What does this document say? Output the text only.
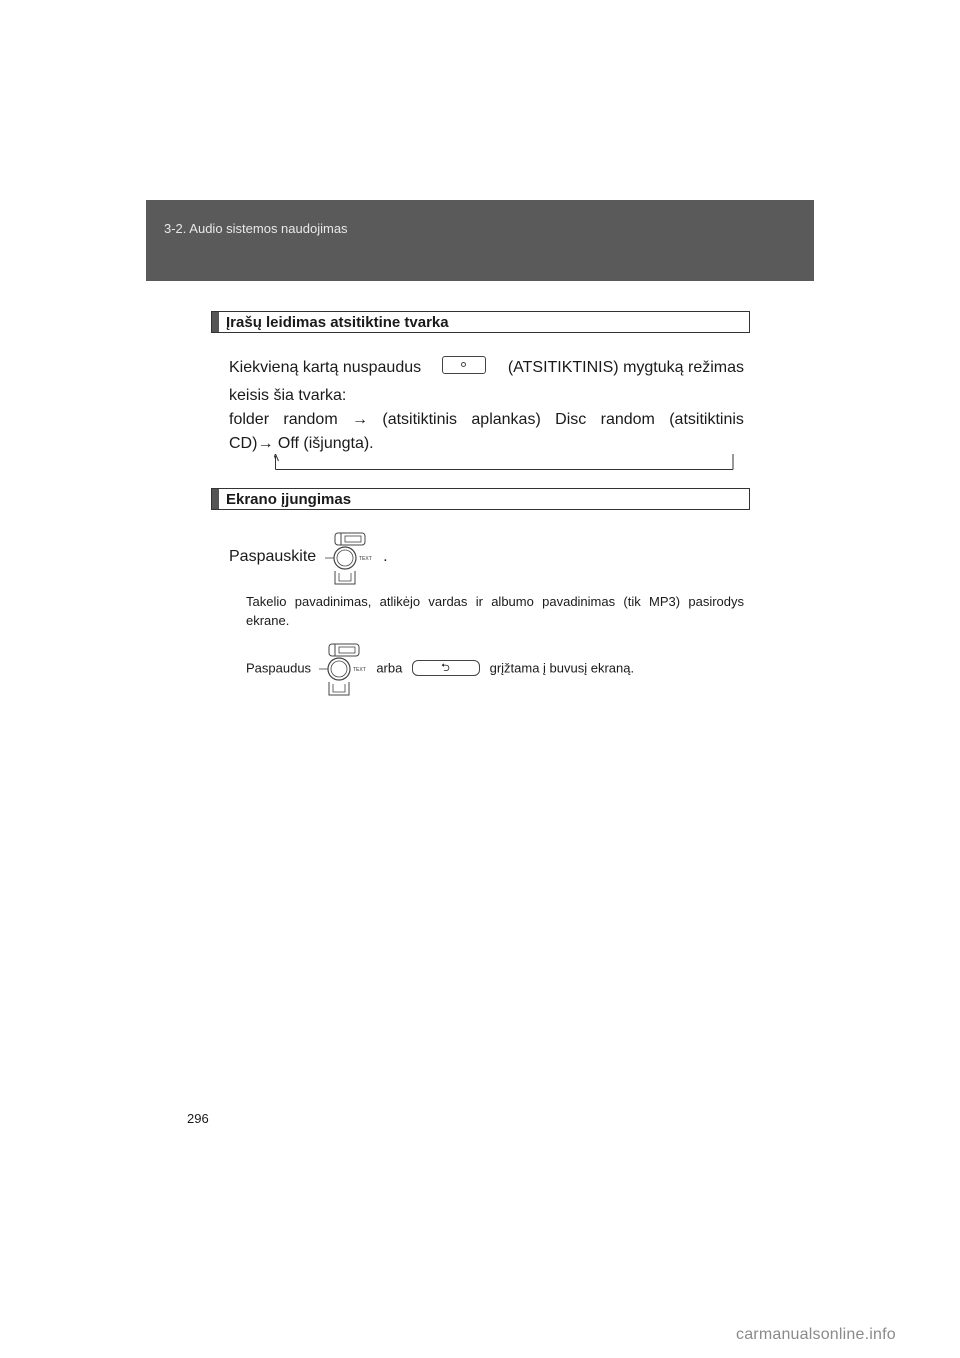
3-2. Audio sistemos naudojimas
Įrašų leidimas atsitiktine tvarka
Kiekvieną kartą nuspaudus	(ATSITIKTINIS) mygtuką režimas
keisis šia tvarka:
folder random → (atsitiktinis aplankas) Disc random (atsitiktinis
CD)→ Off (išjungta).
Ekrano įjungimas
Paspauskite	TEXT .
Takelio pavadinimas, atlikėjo vardas ir albumo pavadinimas (tik MP3) pasirodys ekrane.
Paspaudus	TEXT arba	⮌	grįžtama į buvusį ekraną.
296
carmanualsonline.info
